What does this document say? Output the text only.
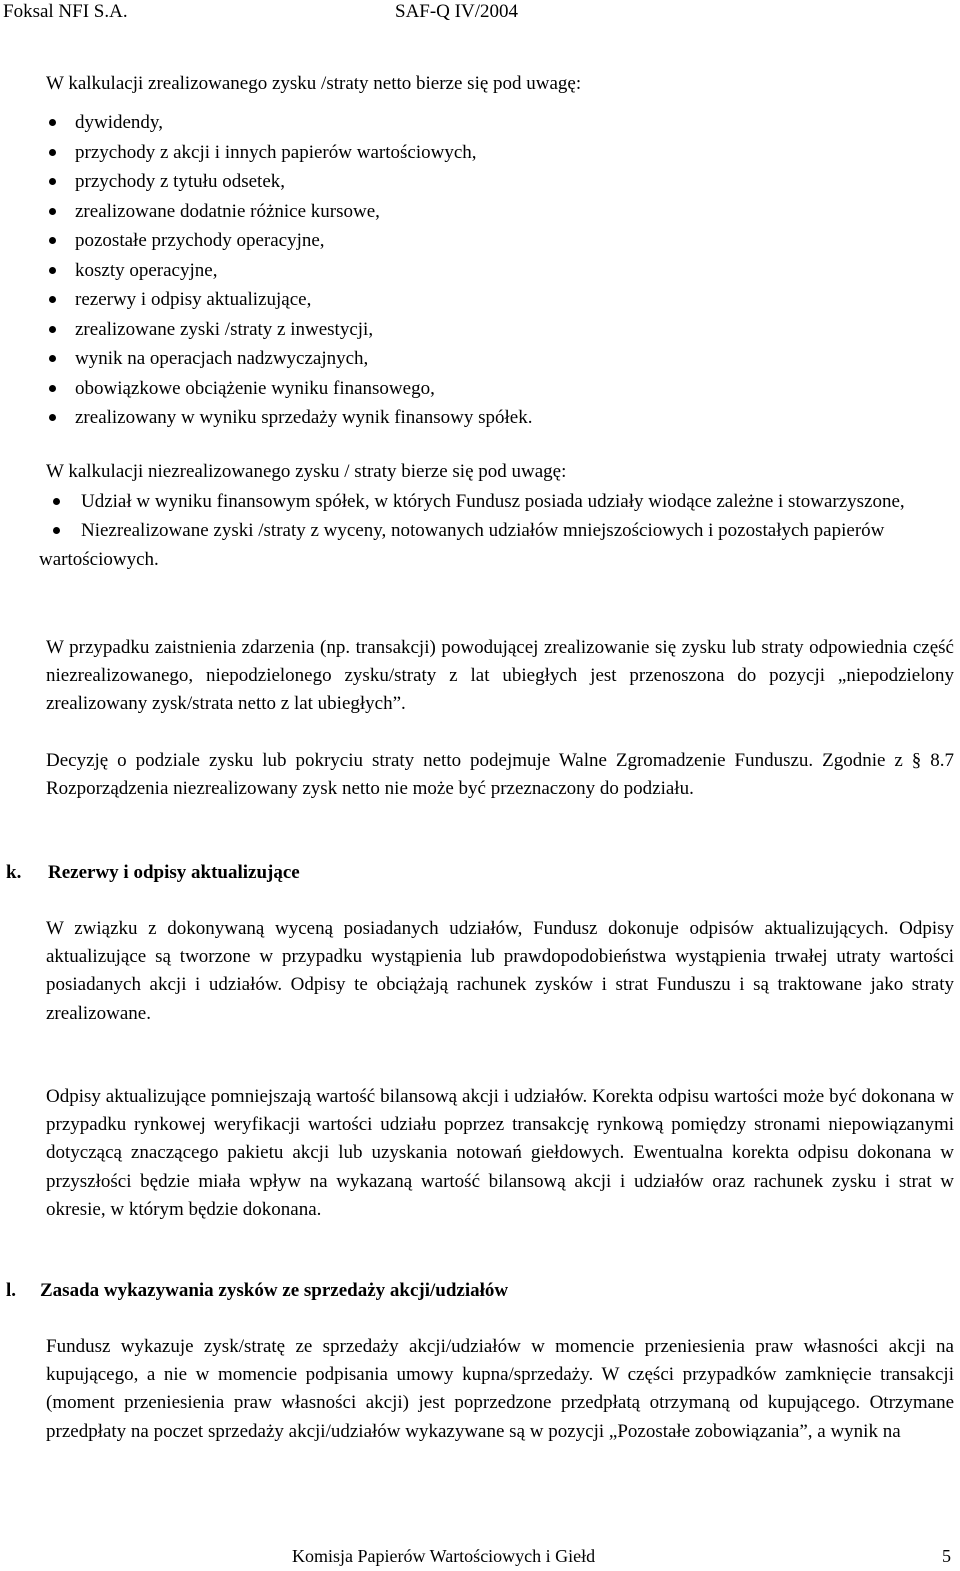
Foksal NFI S.A.	SAF-Q IV/2004
W kalkulacji zrealizowanego zysku /straty netto bierze się pod uwagę:
dywidendy,
przychody z akcji i innych papierów wartościowych,
przychody z tytułu odsetek,
zrealizowane dodatnie różnice kursowe,
pozostałe przychody operacyjne,
koszty operacyjne,
rezerwy i odpisy aktualizujące,
zrealizowane zyski /straty z inwestycji,
wynik na operacjach nadzwyczajnych,
obowiązkowe obciążenie wyniku finansowego,
zrealizowany w wyniku sprzedaży wynik finansowy spółek.
W kalkulacji niezrealizowanego zysku / straty bierze się pod uwagę:
Udział w wyniku finansowym spółek, w których Fundusz posiada udziały wiodące zależne i stowarzyszone,
Niezrealizowane zyski /straty z wyceny, notowanych udziałów mniejszościowych i pozostałych papierów wartościowych.

W przypadku zaistnienia zdarzenia (np. transakcji) powodującej zrealizowanie się zysku lub straty odpowiednia część niezrealizowanego, niepodzielonego zysku/straty z lat ubiegłych jest przenoszona do pozycji „niepodzielony zrealizowany zysk/strata netto z lat ubiegłych”.

Decyzję o podziale zysku lub pokryciu straty netto podejmuje Walne Zgromadzenie Funduszu. Zgodnie z § 8.7 Rozporządzenia niezrealizowany zysk netto nie może być przeznaczony do podziału.

k. Rezerwy i odpisy aktualizujące

W związku z dokonywaną wyceną posiadanych udziałów, Fundusz dokonuje odpisów aktualizujących. Odpisy aktualizujące są tworzone w przypadku wystąpienia lub prawdopodobieństwa wystąpienia trwałej utraty wartości posiadanych akcji i udziałów. Odpisy te obciążają rachunek zysków i strat Funduszu i są traktowane jako straty zrealizowane.

Odpisy aktualizujące pomniejszają wartość bilansową akcji i udziałów. Korekta odpisu wartości może być dokonana w przypadku rynkowej weryfikacji wartości udziału poprzez transakcję rynkową pomiędzy stronami niepowiązanymi dotyczącą znaczącego pakietu akcji lub uzyskania notowań giełdowych. Ewentualna korekta odpisu dokonana w przyszłości będzie miała wpływ na wykazaną wartość bilansową akcji i udziałów oraz rachunek zysku i strat w okresie, w którym będzie dokonana.

l. Zasada wykazywania zysków ze sprzedaży akcji/udziałów

Fundusz wykazuje zysk/stratę ze sprzedaży akcji/udziałów w momencie przeniesienia praw własności akcji na kupującego, a nie w momencie podpisania umowy kupna/sprzedaży. W części przypadków zamknięcie transakcji (moment przeniesienia praw własności akcji) jest poprzedzone przedpłatą otrzymaną od kupującego. Otrzymane przedpłaty na poczet sprzedaży akcji/udziałów wykazywane są w pozycji „Pozostałe zobowiązania”, a wynik na

Komisja Papierów Wartościowych i Giełd	5
